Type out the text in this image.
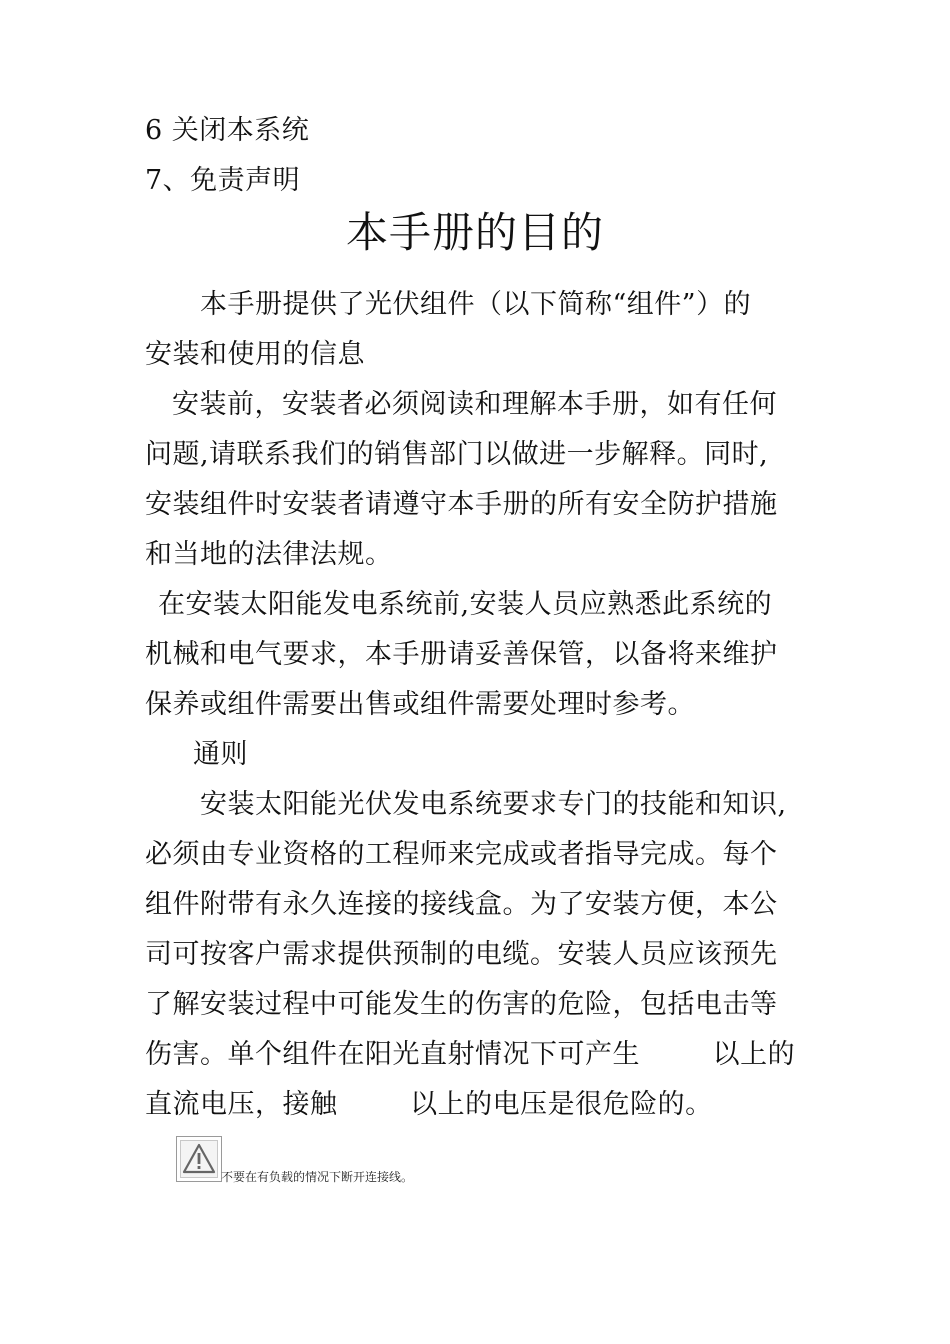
6 关闭本系统
7、免责声明
本手册的目的
本手册提供了光伏组件（以下简称“组件”）的
安装和使用的信息
安装前，安装者必须阅读和理解本手册，如有任何
问题,请联系我们的销售部门以做进一步解释。同时,
安装组件时安装者请遵守本手册的所有安全防护措施
和当地的法律法规。
在安装太阳能发电系统前,安装人员应熟悉此系统的
机械和电气要求，本手册请妥善保管，以备将来维护
保养或组件需要出售或组件需要处理时参考。
通则
安装太阳能光伏发电系统要求专门的技能和知识,
必须由专业资格的工程师来完成或者指导完成。每个
组件附带有永久连接的接线盒。为了安装方便，本公
司可按客户需求提供预制的电缆。安装人员应该预先
了解安装过程中可能发生的伤害的危险，包括电击等
伤害。单个组件在阳光直射情况下可产生        以上的
直流电压，接触        以上的电压是很危险的。
不要在有负载的情况下断开连接线。
